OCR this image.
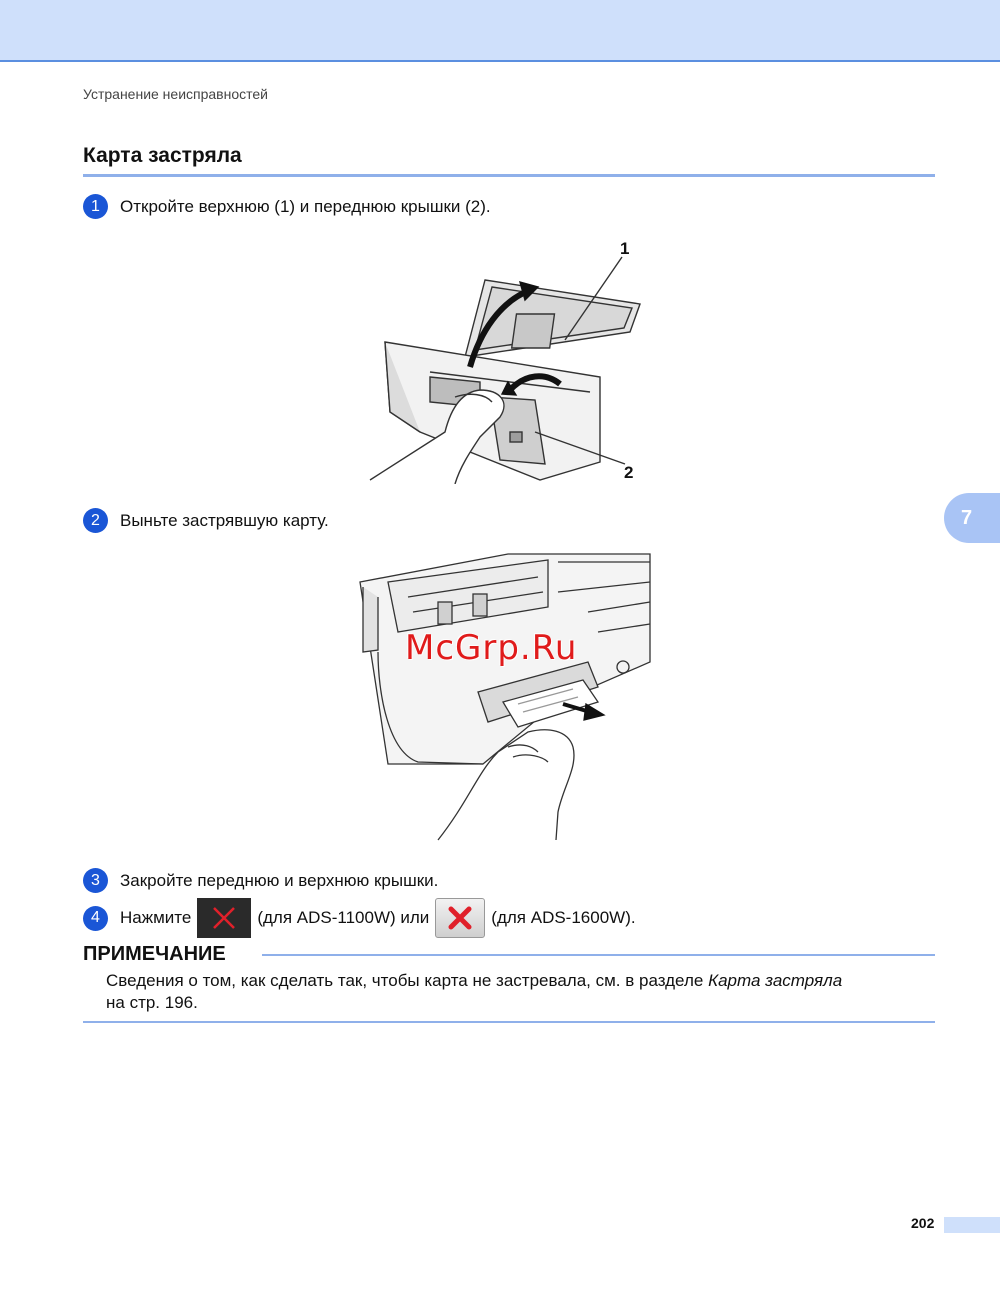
Устранение неисправностей
Карта застряла
1	Откройте верхнюю (1) и переднюю крышки (2).
1
2
2	Выньте застрявшую карту.	7
McGrp.Ru
3	Закройте переднюю и верхнюю крышки.
4	Нажмите	(для ADS-1100W) или	(для ADS-1600W).
ПРИМЕЧАНИЕ
Сведения о том, как сделать так, чтобы карта не застревала, см. в разделе Карта застряла
на стр. 196.
202
